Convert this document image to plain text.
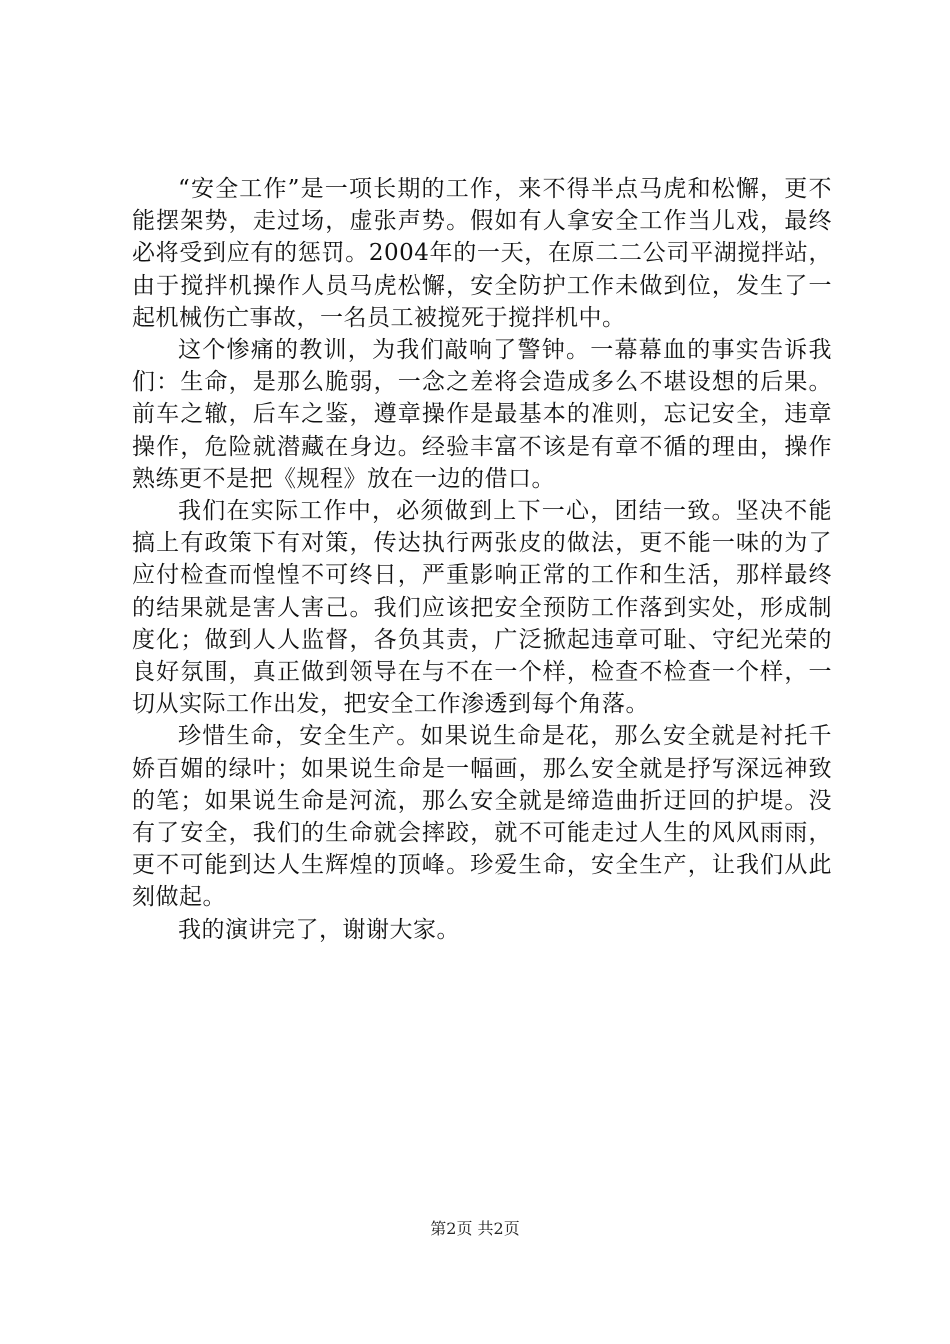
“安全工作”是一项长期的工作，来不得半点马虎和松懈，更不能摆架势，走过场，虚张声势。假如有人拿安全工作当儿戏，最终必将受到应有的惩罚。2004年的一天，在原二二公司平湖搅拌站，由于搅拌机操作人员马虎松懈，安全防护工作未做到位，发生了一起机械伤亡事故，一名员工被搅死于搅拌机中。

这个惨痛的教训，为我们敲响了警钟。一幕幕血的事实告诉我们：生命，是那么脆弱，一念之差将会造成多么不堪设想的后果。前车之辙，后车之鉴，遵章操作是最基本的准则，忘记安全，违章操作，危险就潜藏在身边。经验丰富不该是有章不循的理由，操作熟练更不是把《规程》放在一边的借口。

我们在实际工作中，必须做到上下一心，团结一致。坚决不能搞上有政策下有对策，传达执行两张皮的做法，更不能一味的为了应付检查而惶惶不可终日，严重影响正常的工作和生活，那样最终的结果就是害人害己。我们应该把安全预防工作落到实处，形成制度化；做到人人监督，各负其责，广泛掀起违章可耻、守纪光荣的良好氛围，真正做到领导在与不在一个样，检查不检查一个样，一切从实际工作出发，把安全工作渗透到每个角落。

珍惜生命，安全生产。如果说生命是花，那么安全就是衬托千娇百媚的绿叶；如果说生命是一幅画，那么安全就是抒写深远神致的笔；如果说生命是河流，那么安全就是缔造曲折迂回的护堤。没有了安全，我们的生命就会摔跤，就不可能走过人生的风风雨雨，更不可能到达人生辉煌的顶峰。珍爱生命，安全生产，让我们从此刻做起。

我的演讲完了，谢谢大家。

第2页 共2页
